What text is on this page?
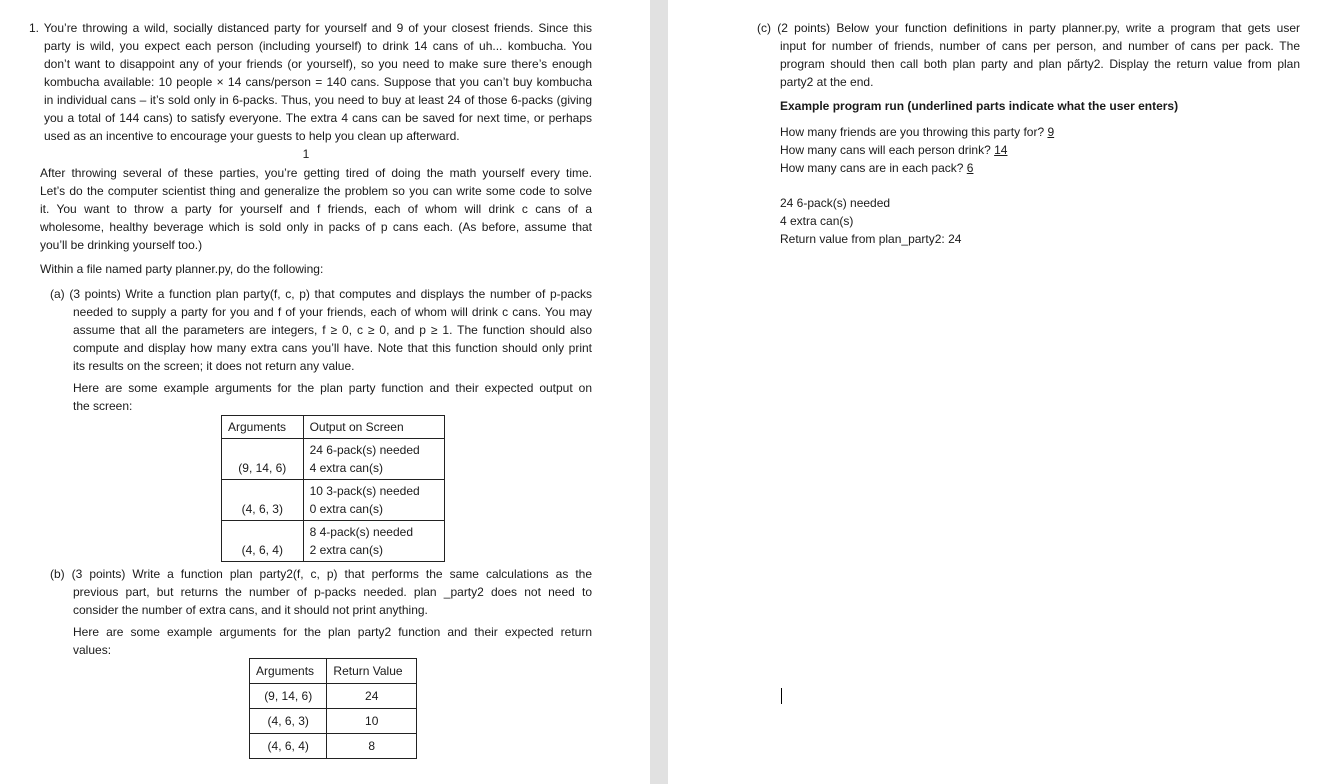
1. You’re throwing a wild, socially distanced party for yourself and 9 of your closest friends. Since this
party is wild, you expect each person (including yourself) to drink 14 cans of uh... kombucha. You
don’t want to disappoint any of your friends (or yourself), so you need to make sure there’s enough
kombucha available: 10 people × 14 cans/person = 140 cans. Suppose that you can’t buy kombucha
in individual cans – it’s sold only in 6-packs. Thus, you need to buy at least 24 of those 6-packs (giving
you a total of 144 cans) to satisfy everyone. The extra 4 cans can be saved for next time, or perhaps
used as an incentive to encourage your guests to help you clean up afterward.
1
After throwing several of these parties, you’re getting tired of doing the math yourself every time.
Let’s do the computer scientist thing and generalize the problem so you can write some code to solve
it. You want to throw a party for yourself and f friends, each of whom will drink c cans of a
wholesome, healthy beverage which is sold only in packs of p cans each. (As before, assume that
you’ll be drinking yourself too.)
Within a file named party planner.py, do the following:
(a) (3 points) Write a function plan party(f, c, p) that computes and displays the number of p-packs
needed to supply a party for you and f of your friends, each of whom will drink c cans. You may
assume that all the parameters are integers, f ≥ 0, c ≥ 0, and p ≥ 1. The function should also
compute and display how many extra cans you’ll have. Note that this function should only print
its results on the screen; it does not return any value.
Here are some example arguments for the plan party function and their expected output on
the screen:
Arguments	Output on Screen
(9, 14, 6)	24 6-pack(s) needed
4 extra can(s)

(4, 6, 3)	10 3-pack(s) needed
0 extra can(s)

(4, 6, 4)	8 4-pack(s) needed
2 extra can(s)
(b) (3 points) Write a function plan party2(f, c, p) that performs the same calculations as the
previous part, but returns the number of p-packs needed. plan _party2 does not need to
consider the number of extra cans, and it should not print anything.
Here are some example arguments for the plan party2 function and their expected return
values:
Arguments	Return Value
(9, 14, 6)	24
(4, 6, 3)	10
(4, 6, 4)	8
(c) (2 points) Below your function definitions in party planner.py, write a program that gets user
input for number of friends, number of cans per person, and number of cans per pack. The
program should then call both plan party and plan pa̋rty2. Display the return value from plan
party2 at the end.
Example program run (underlined parts indicate what the user enters)
How many friends are you throwing this party for? 9
How many cans will each person drink? 14
How many cans are in each pack? 6
24 6-pack(s) needed
4 extra can(s)
Return value from plan_party2: 24
